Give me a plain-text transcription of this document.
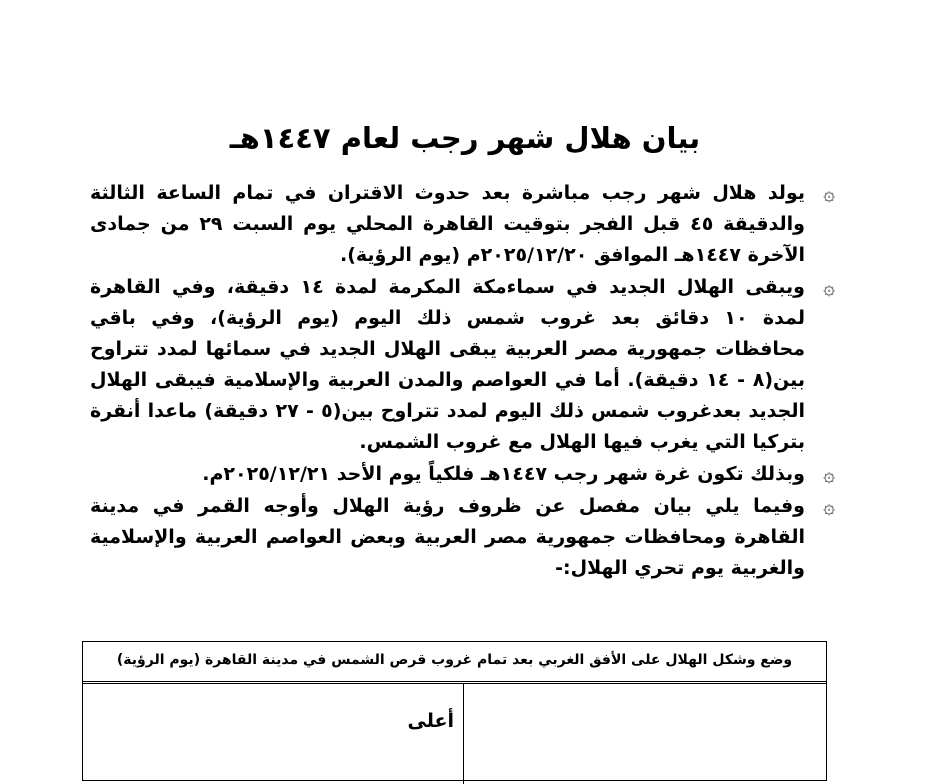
بيان هلال شهر رجب لعام ١٤٤٧هـ
۞
يولد هلال شهر رجب مباشرة بعد حدوث الاقتران في تمام الساعة الثالثة والدقيقة ٤٥ قبل الفجر بتوقيت القاهرة المحلي يوم السبت ٢٩ من جمادى الآخرة ١٤٤٧هـ الموافق ٢٠٢٥/١٢/٢٠م (يوم الرؤية).
۞
ويبقى الهلال الجديد في سماءمكة المكرمة لمدة ١٤ دقيقة، وفي القاهرة لمدة ١٠ دقائق بعد غروب شمس ذلك اليوم (يوم الرؤية)، وفي باقي محافظات جمهورية مصر العربية يبقى الهلال الجديد في سمائها لمدد تتراوح بين(٨ - ١٤ دقيقة). أما في العواصم والمدن العربية والإسلامية فيبقى الهلال الجديد بعدغروب شمس ذلك اليوم لمدد تتراوح بين(٥ - ٢٧ دقيقة) ماعدا أنقرة بتركيا التي يغرب فيها الهلال مع غروب الشمس.
۞
وبذلك تكون غرة شهر رجب ١٤٤٧هـ فلكياً يوم الأحد ٢٠٢٥/١٢/٢١م.
۞
وفيما يلي بيان مفصل عن ظروف رؤية الهلال وأوجه القمر في مدينة القاهرة ومحافظات جمهورية مصر العربية وبعض العواصم العربية والإسلامية والغربية يوم تحري الهلال:-
وضع وشكل الهلال على الأفق الغربي بعد تمام غروب قرص الشمس في مدينة القاهرة (يوم الرؤية)
أعلى
